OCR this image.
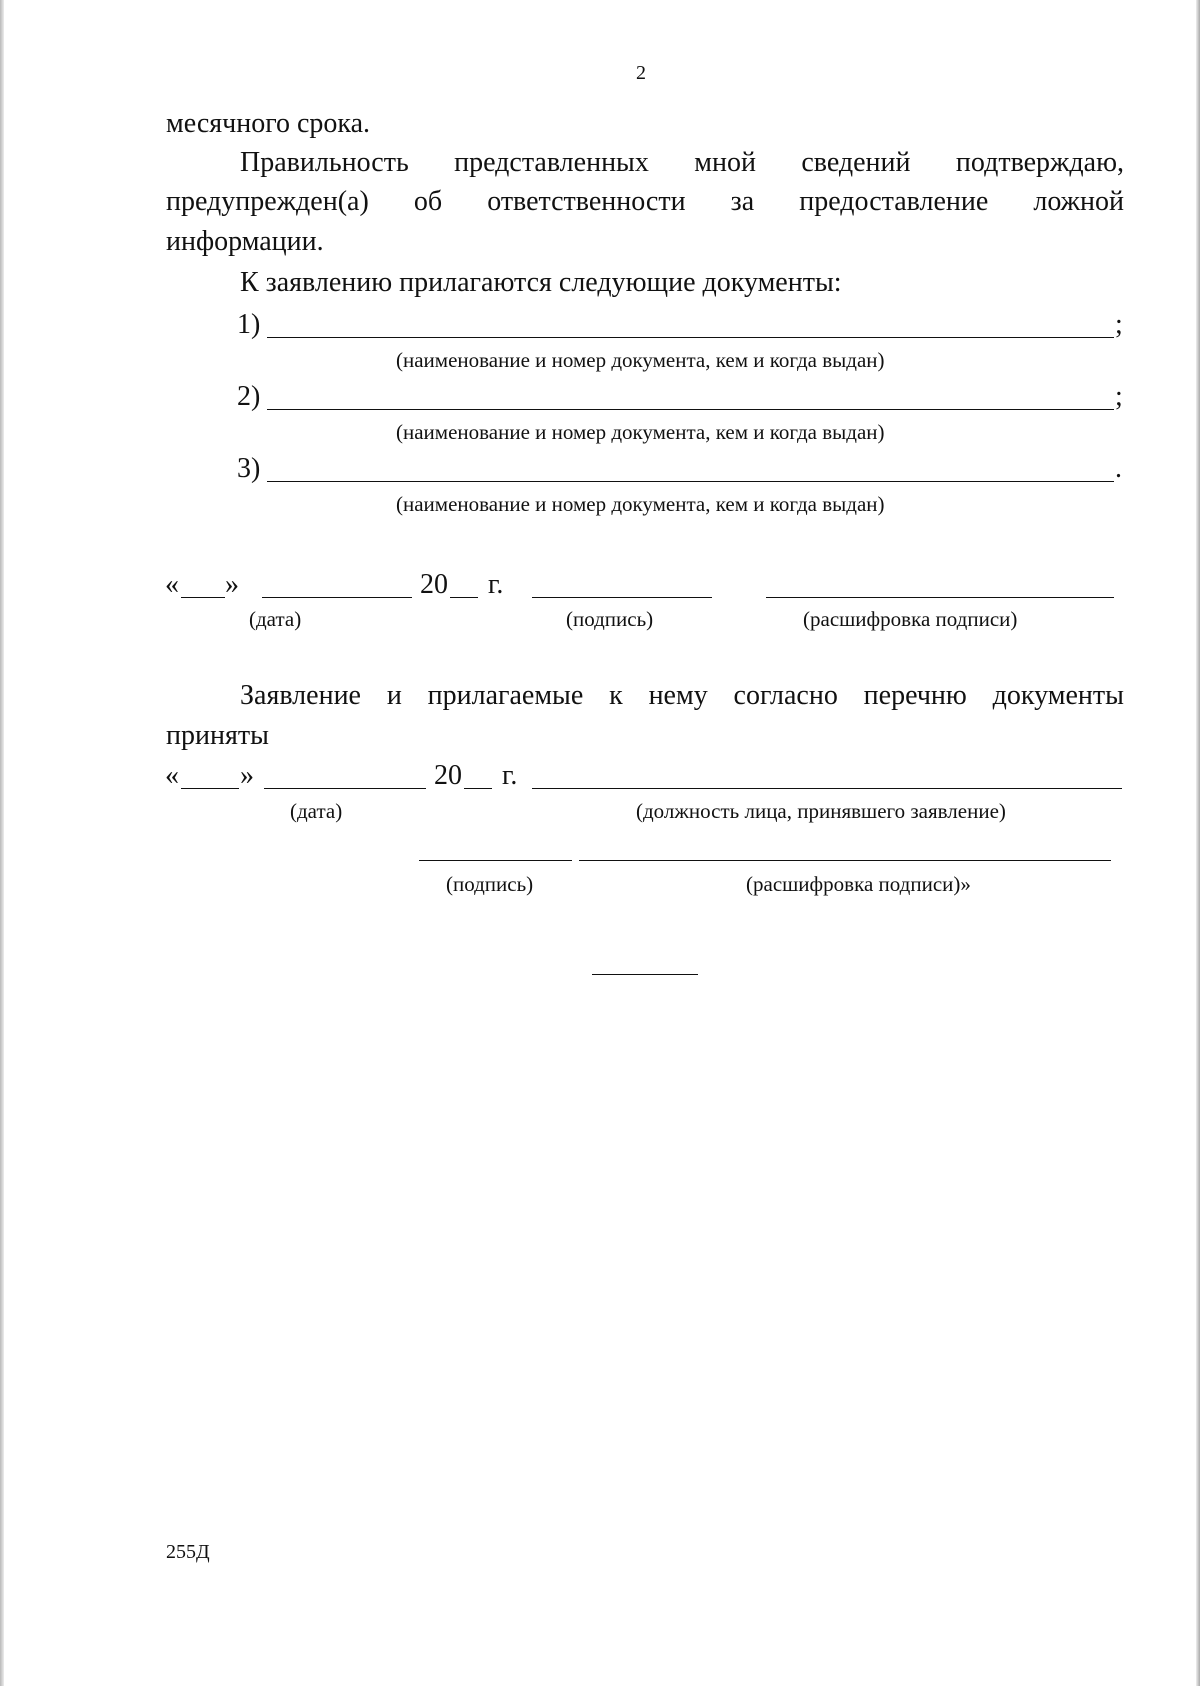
2
месячного срока.
Правильность представленных мной сведений подтверждаю,
предупрежден(а) об ответственности за предоставление ложной
информации.
К заявлению прилагаются следующие документы:
1)	;
(наименование и номер документа, кем и когда выдан)
2)	;
(наименование и номер документа, кем и когда выдан)
3)	.
(наименование и номер документа, кем и когда выдан)
« »	20 г.
(дата)	(подпись)	(расшифровка подписи)
Заявление и прилагаемые к нему согласно перечню документы
приняты
« »	20 г.
(дата)	(должность лица, принявшего заявление)
(подпись)	(расшифровка подписи)»
255Д
